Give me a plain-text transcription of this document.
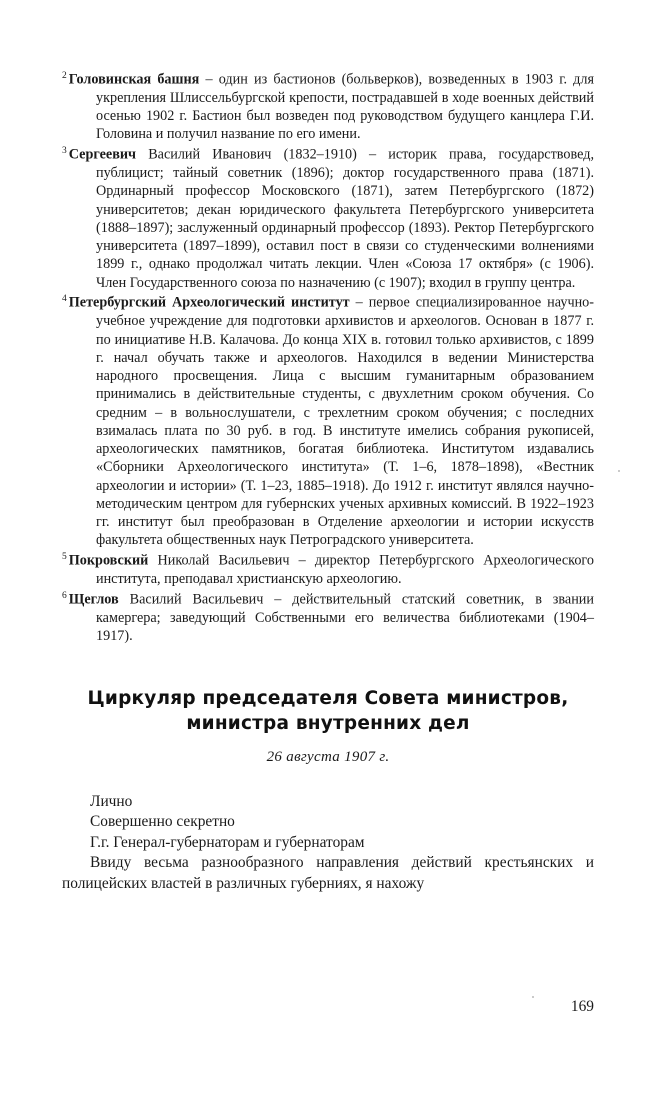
$^2$ Головинская башня – один из бастионов (больверков), возведенных в 1903 г. для укрепления Шлиссельбургской крепости, пострадавшей в ходе военных действий осенью 1902 г. Бастион был возведен под руководством будущего канцлера Г.И. Головина и получил название по его имени.

$^3$ Сергеевич Василий Иванович (1832–1910) – историк права, государствовед, публицист; тайный советник (1896); доктор государственного права (1871). Ординарный профессор Московского (1871), затем Петербургского (1872) университетов; декан юридического факультета Петербургского университета (1888–1897); заслуженный ординарный профессор (1893). Ректор Петербургского университета (1897–1899), оставил пост в связи со студенческими волнениями 1899 г., однако продолжал читать лекции. Член «Союза 17 октября» (с 1906). Член Государственного союза по назначению (с 1907); входил в группу центра.

$^4$ Петербургский Археологический институт – первое специализированное научно-учебное учреждение для подготовки архивистов и археологов. Основан в 1877 г. по инициативе Н.В. Калачова. До конца XIX в. готовил только архивистов, с 1899 г. начал обучать также и археологов. Находился в ведении Министерства народного просвещения. Лица с высшим гуманитарным образованием принимались в действительные студенты, с двухлетним сроком обучения. Со средним – в вольнослушатели, с трехлетним сроком обучения; с последних взималась плата по 30 руб. в год. В институте имелись собрания рукописей, археологических памятников, богатая библиотека. Институтом издавались «Сборники Археологического института» (Т. 1–6, 1878–1898), «Вестник археологии и истории» (Т. 1–23, 1885–1918). До 1912 г. институт являлся научно-методическим центром для губернских ученых архивных комиссий. В 1922–1923 гг. институт был преобразован в Отделение археологии и истории искусств факультета общественных наук Петроградского университета.

$^5$ Покровский Николай Васильевич – директор Петербургского Археологического института, преподавал христианскую археологию.

$^6$ Щеглов Василий Васильевич – действительный статский советник, в звании камергера; заведующий Собственными его величества библиотеками (1904–1917).

Циркуляр председателя Совета министров,
министра внутренних дел
26 августа 1907 г.

Лично

Совершенно секретно

Г.г. Генерал-губернаторам и губернаторам

Ввиду весьма разнообразного направления действий крестьянских и полицейских властей в различных губерниях, я нахожу

169
